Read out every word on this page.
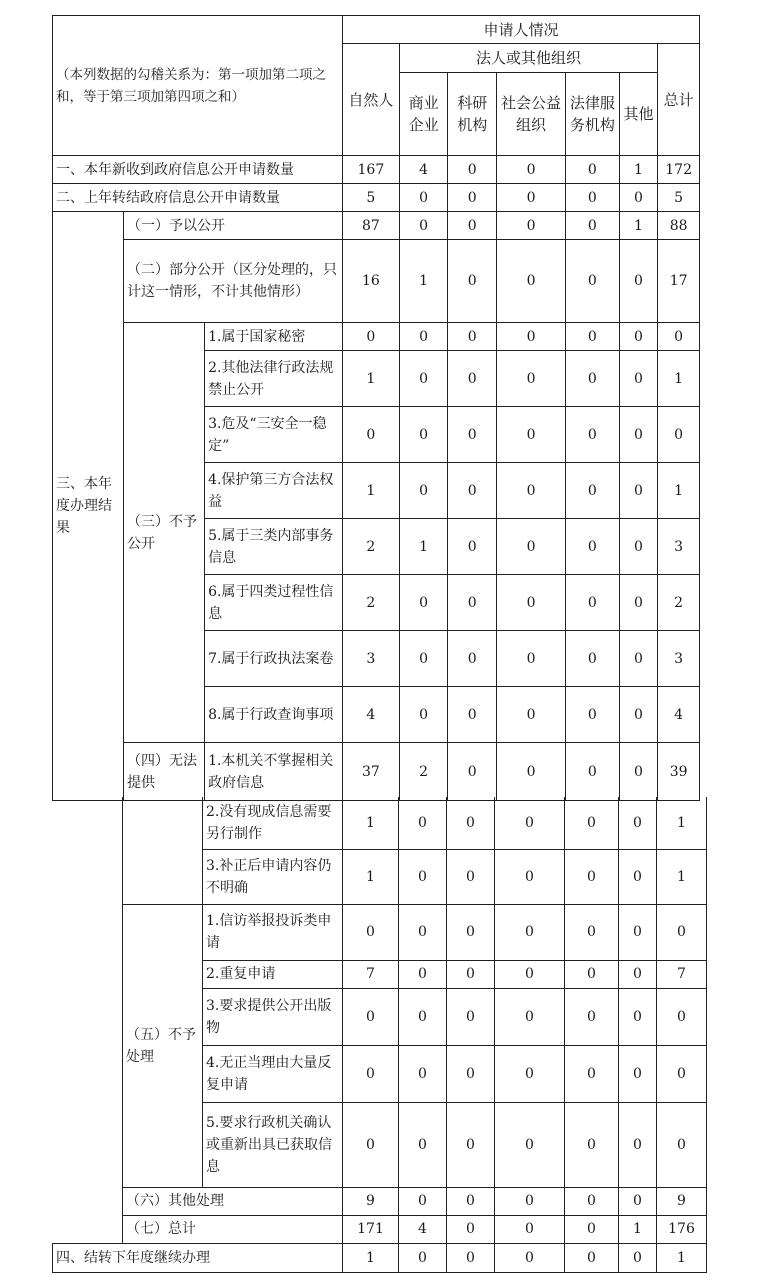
（本列数据的勾稽关系为：第一项加第二项之和，等于第三项加第四项之和）			申请人情况						
			自然人	法人或其他组织					总计
				商业企业	科研机构	社会公益组织	法律服务机构	其他	
一、本年新收到政府信息公开申请数量			167	4	0	0	0	1	172
二、上年转结政府信息公开申请数量			5	0	0	0	0	0	5
三、本年度办理结果	（一）予以公开		87	0	0	0	0	1	88
	（二）部分公开（区分处理的，只计这一情形，不计其他情形）		16	1	0	0	0	0	17
	（三）不予公开	1.属于国家秘密	0	0	0	0	0	0	0
		2.其他法律行政法规禁止公开	1	0	0	0	0	0	1
		3.危及“三安全一稳定”	0	0	0	0	0	0	0
		4.保护第三方合法权益	1	0	0	0	0	0	1
		5.属于三类内部事务信息	2	1	0	0	0	0	3
		6.属于四类过程性信息	2	0	0	0	0	0	2
		7.属于行政执法案卷	3	0	0	0	0	0	3
		8.属于行政查询事项	4	0	0	0	0	0	4
	（四）无法提供	1.本机关不掌握相关政府信息	37	2	0	0	0	0	39
		2.没有现成信息需要另行制作	1	0	0	0	0	0	1
		3.补正后申请内容仍不明确	1	0	0	0	0	0	1
	（五）不予处理	1.信访举报投诉类申请	0	0	0	0	0	0	0
		2.重复申请	7	0	0	0	0	0	7
		3.要求提供公开出版物	0	0	0	0	0	0	0
		4.无正当理由大量反复申请	0	0	0	0	0	0	0
		5.要求行政机关确认或重新出具已获取信息	0	0	0	0	0	0	0
	（六）其他处理		9	0	0	0	0	0	9
	（七）总计		171	4	0	0	0	1	176
四、结转下年度继续办理			1	0	0	0	0	0	1
